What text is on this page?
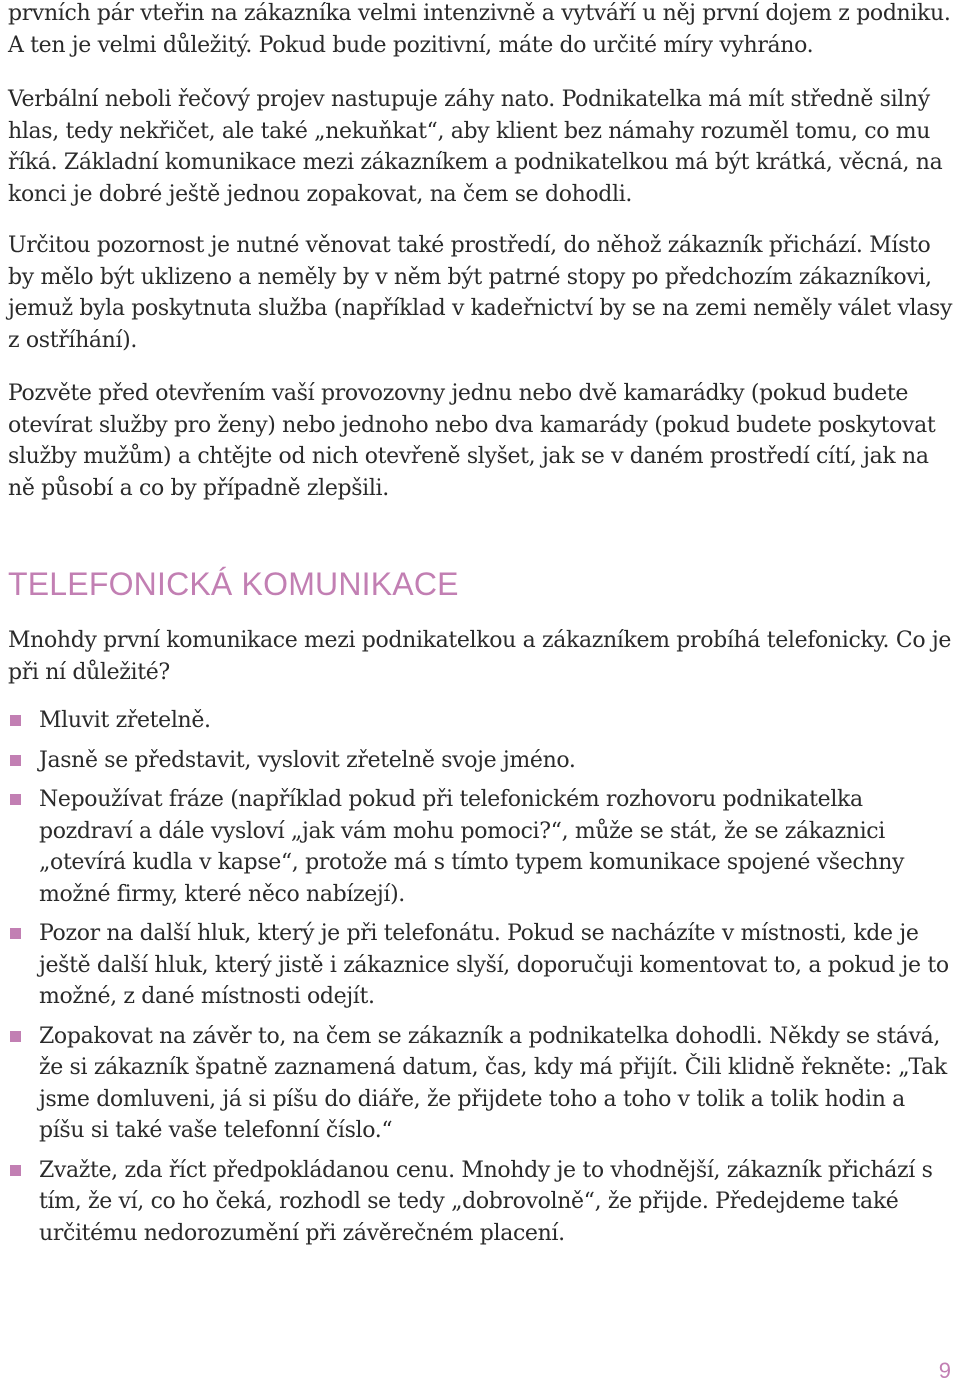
prvních pár vteřin na zákazníka velmi intenzivně a vytváří u něj první dojem z podniku. A ten je velmi důležitý. Pokud bude pozitivní, máte do určité míry vyhráno.

Verbální neboli řečový projev nastupuje záhy nato. Podnikatelka má mít středně silný hlas, tedy nekřičet, ale také „nekuňkat“, aby klient bez námahy rozuměl tomu, co mu říká. Základní komunikace mezi zákazníkem a podnikatelkou má být krátká, věcná, na konci je dobré ještě jednou zopakovat, na čem se dohodli.

Určitou pozornost je nutné věnovat také prostředí, do něhož zákazník přichází. Místo by mělo být uklizeno a neměly by v něm být patrné stopy po předchozím zákazníkovi, jemuž byla poskytnuta služba (například v kadeřnictví by se na zemi neměly válet vlasy z ostříhání).

Pozvěte před otevřením vaší provozovny jednu nebo dvě kamarádky (pokud budete otevírat služby pro ženy) nebo jednoho nebo dva kamarády (pokud budete poskytovat služby mužům) a chtějte od nich otevřeně slyšet, jak se v daném prostředí cítí, jak na ně působí a co by případně zlepšili.

TELEFONICKÁ KOMUNIKACE

Mnohdy první komunikace mezi podnikatelkou a zákazníkem probíhá telefonicky. Co je při ní důležité?

Mluvit zřetelně.

Jasně se představit, vyslovit zřetelně svoje jméno.

Nepoužívat fráze (například pokud při telefonickém rozhovoru podnikatelka pozdraví a dále vysloví „jak vám mohu pomoci?“, může se stát, že se zákaznici „otevírá kudla v kapse“, protože má s tímto typem komunikace spojené všechny možné firmy, které něco nabízejí).

Pozor na další hluk, který je při telefonátu. Pokud se nacházíte v místnosti, kde je ještě další hluk, který jistě i zákaznice slyší, doporučuji komentovat to, a pokud je to možné, z dané místnosti odejít.

Zopakovat na závěr to, na čem se zákazník a podnikatelka dohodli. Někdy se stává, že si zákazník špatně zaznamená datum, čas, kdy má přijít. Čili klidně řekněte: „Tak jsme domluveni, já si píšu do diáře, že přijdete toho a toho v tolik a tolik hodin a píšu si také vaše telefonní číslo.“

Zvažte, zda říct předpokládanou cenu. Mnohdy je to vhodnější, zákazník přichází s tím, že ví, co ho čeká, rozhodl se tedy „dobrovolně“, že přijde. Předejdeme také určitému nedorozumění při závěrečném placení.

9
